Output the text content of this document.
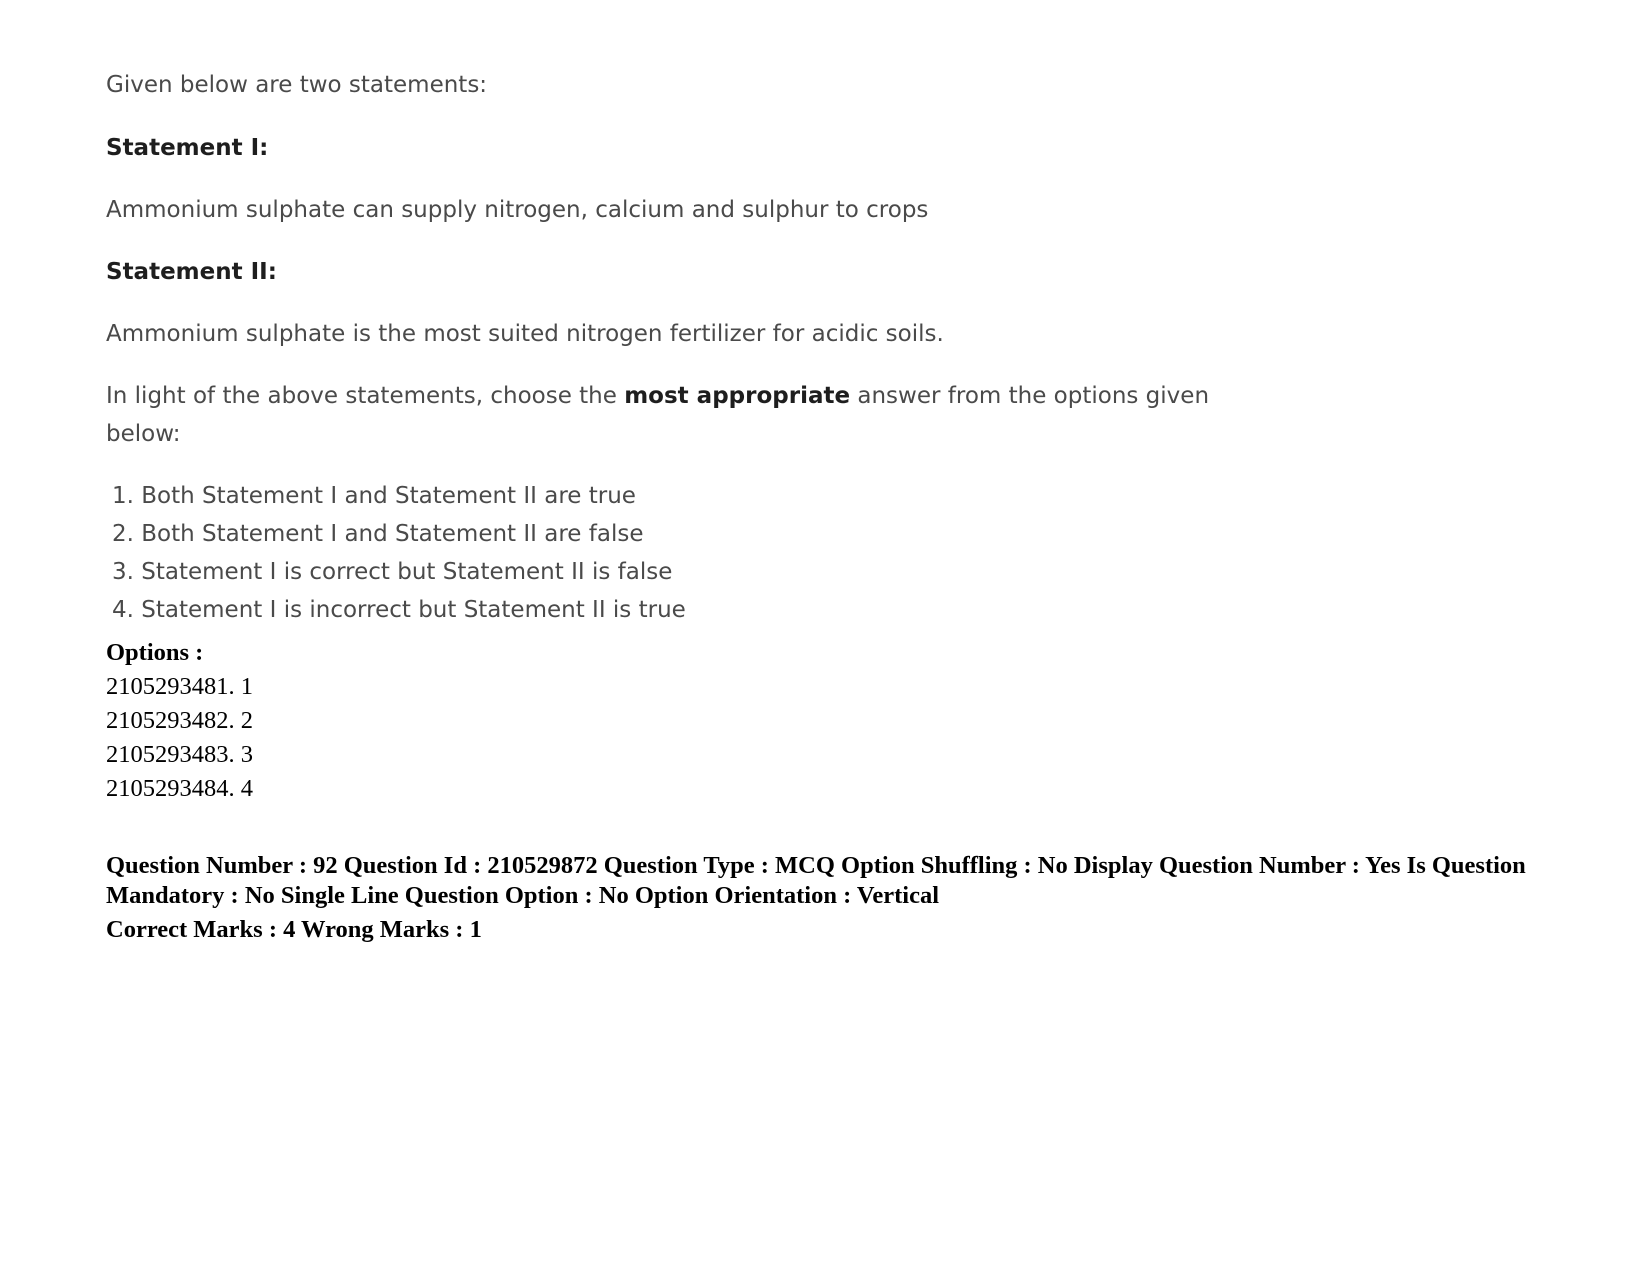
Given below are two statements:

Statement I:

Ammonium sulphate can supply nitrogen, calcium and sulphur to crops

Statement II:

Ammonium sulphate is the most suited nitrogen fertilizer for acidic soils.

In light of the above statements, choose the most appropriate answer from the options given below:

1. Both Statement I and Statement II are true
2. Both Statement I and Statement II are false
3. Statement I is correct but Statement II is false
4. Statement I is incorrect but Statement II is true
Options :
2105293481. 1
2105293482. 2
2105293483. 3
2105293484. 4
Question Number : 92 Question Id : 210529872 Question Type : MCQ Option Shuffling : No Display Question Number : Yes Is Question Mandatory : No Single Line Question Option : No Option Orientation : Vertical
Correct Marks : 4 Wrong Marks : 1
